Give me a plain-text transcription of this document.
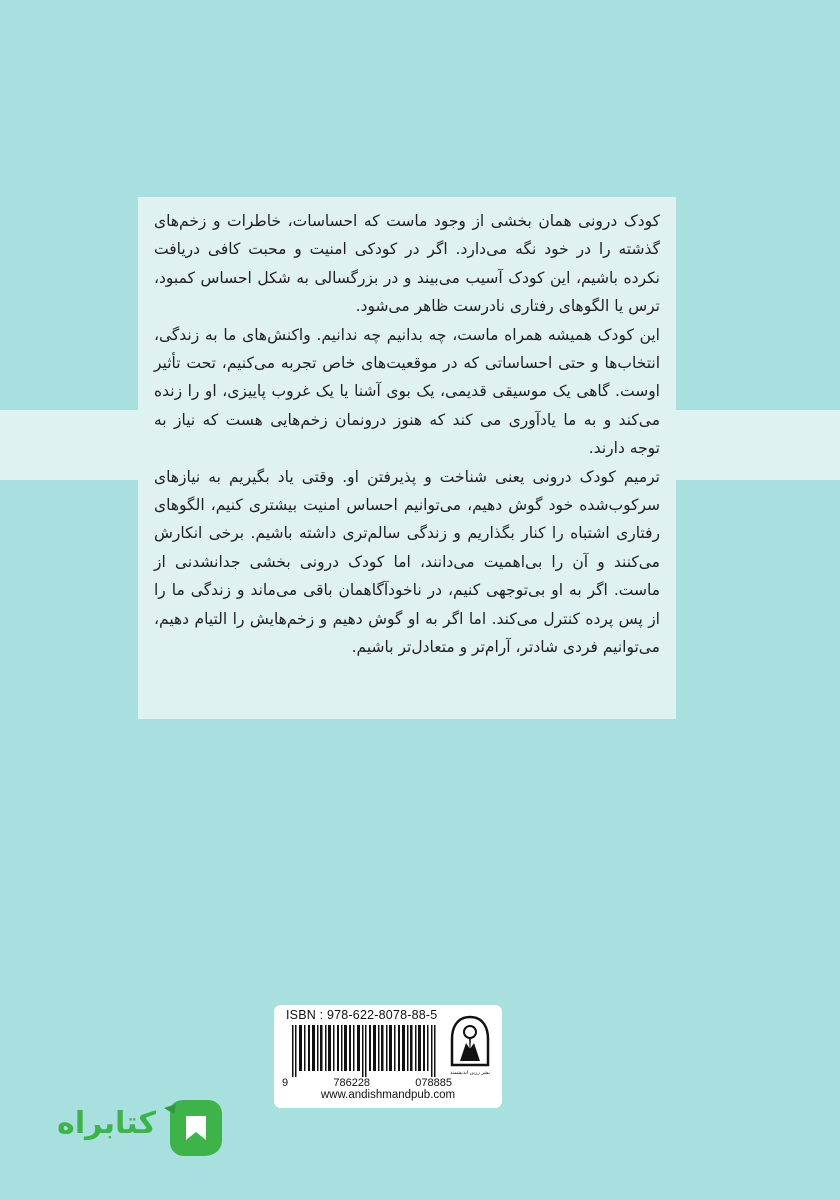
کودک درونی همان بخشی از وجود ماست که احساسات، خاطرات و زخم‌های گذشته را در خود نگه می‌دارد. اگر در کودکی امنیت و محبت کافی دریافت نکرده باشیم، این کودک آسیب می‌بیند و در بزرگسالی به شکل احساس کمبود، ترس یا الگوهای رفتاری نادرست ظاهر می‌شود.

این کودک همیشه همراه ماست، چه بدانیم چه ندانیم. واکنش‌های ما به زندگی، انتخاب‌ها و حتی احساساتی که در موقعیت‌های خاص تجربه می‌کنیم، تحت تأثیر اوست. گاهی یک موسیقی قدیمی، یک بوی آشنا یا یک غروب پاییزی، او را زنده می‌کند و به ما یادآوری می کند که هنوز درونمان زخم‌هایی هست که نیاز به توجه دارند.

ترمیم کودک درونی یعنی شناخت و پذیرفتن او. وقتی یاد بگیریم به نیازهای سرکوب‌شده خود گوش دهیم، می‌توانیم احساس امنیت بیشتری کنیم، الگوهای رفتاری اشتباه را کنار بگذاریم و زندگی سالم‌تری داشته باشیم. برخی انکارش می‌کنند و آن را بی‌اهمیت می‌دانند، اما کودک درونی بخشی جدانشدنی از ماست. اگر به او بی‌توجهی کنیم، در ناخودآگاهمان باقی می‌ماند و زندگی ما را از پس پرده کنترل می‌کند. اما اگر به او گوش دهیم و زخم‌هایش را التیام دهیم، می‌توانیم فردی شادتر، آرام‌تر و متعادل‌تر باشیم.

ISBN : 978-622-8078-88-5
9	786228	078885
نشر زرین اندیشمند
www.andishmandpub.com
کتابراه
